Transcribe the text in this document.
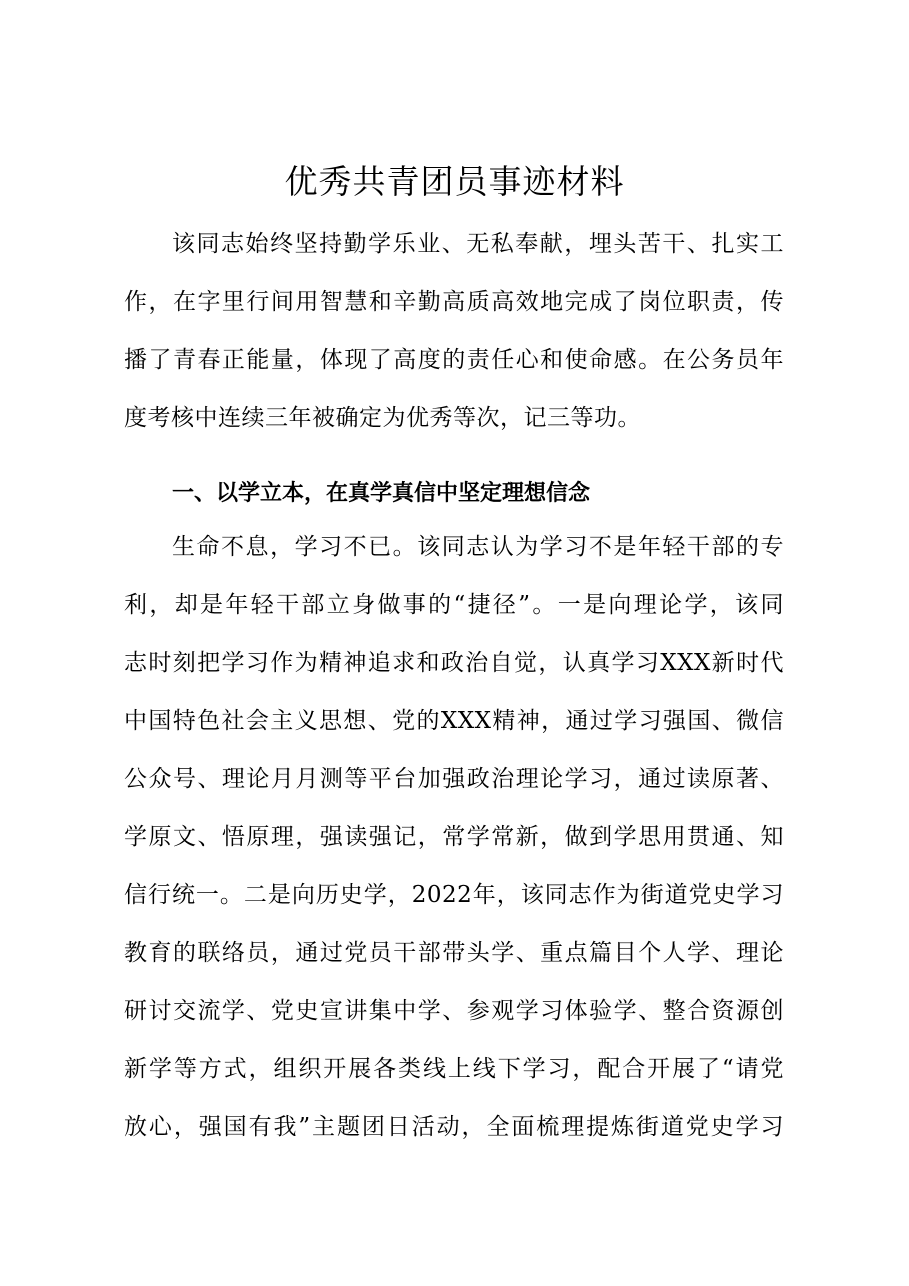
优秀共青团员事迹材料
该同志始终坚持勤学乐业、无私奉献，埋头苦干、扎实工
作，在字里行间用智慧和辛勤高质高效地完成了岗位职责，传
播了青春正能量，体现了高度的责任心和使命感。在公务员年
度考核中连续三年被确定为优秀等次，记三等功。
一、以学立本，在真学真信中坚定理想信念
生命不息，学习不已。该同志认为学习不是年轻干部的专
利，却是年轻干部立身做事的“捷径”。一是向理论学，该同
志时刻把学习作为精神追求和政治自觉，认真学习XXX新时代
中国特色社会主义思想、党的XXX精神，通过学习强国、微信
公众号、理论月月测等平台加强政治理论学习，通过读原著、
学原文、悟原理，强读强记，常学常新，做到学思用贯通、知
信行统一。二是向历史学，2022年，该同志作为街道党史学习
教育的联络员，通过党员干部带头学、重点篇目个人学、理论
研讨交流学、党史宣讲集中学、参观学习体验学、整合资源创
新学等方式，组织开展各类线上线下学习，配合开展了“请党
放心，强国有我”主题团日活动，全面梳理提炼街道党史学习
